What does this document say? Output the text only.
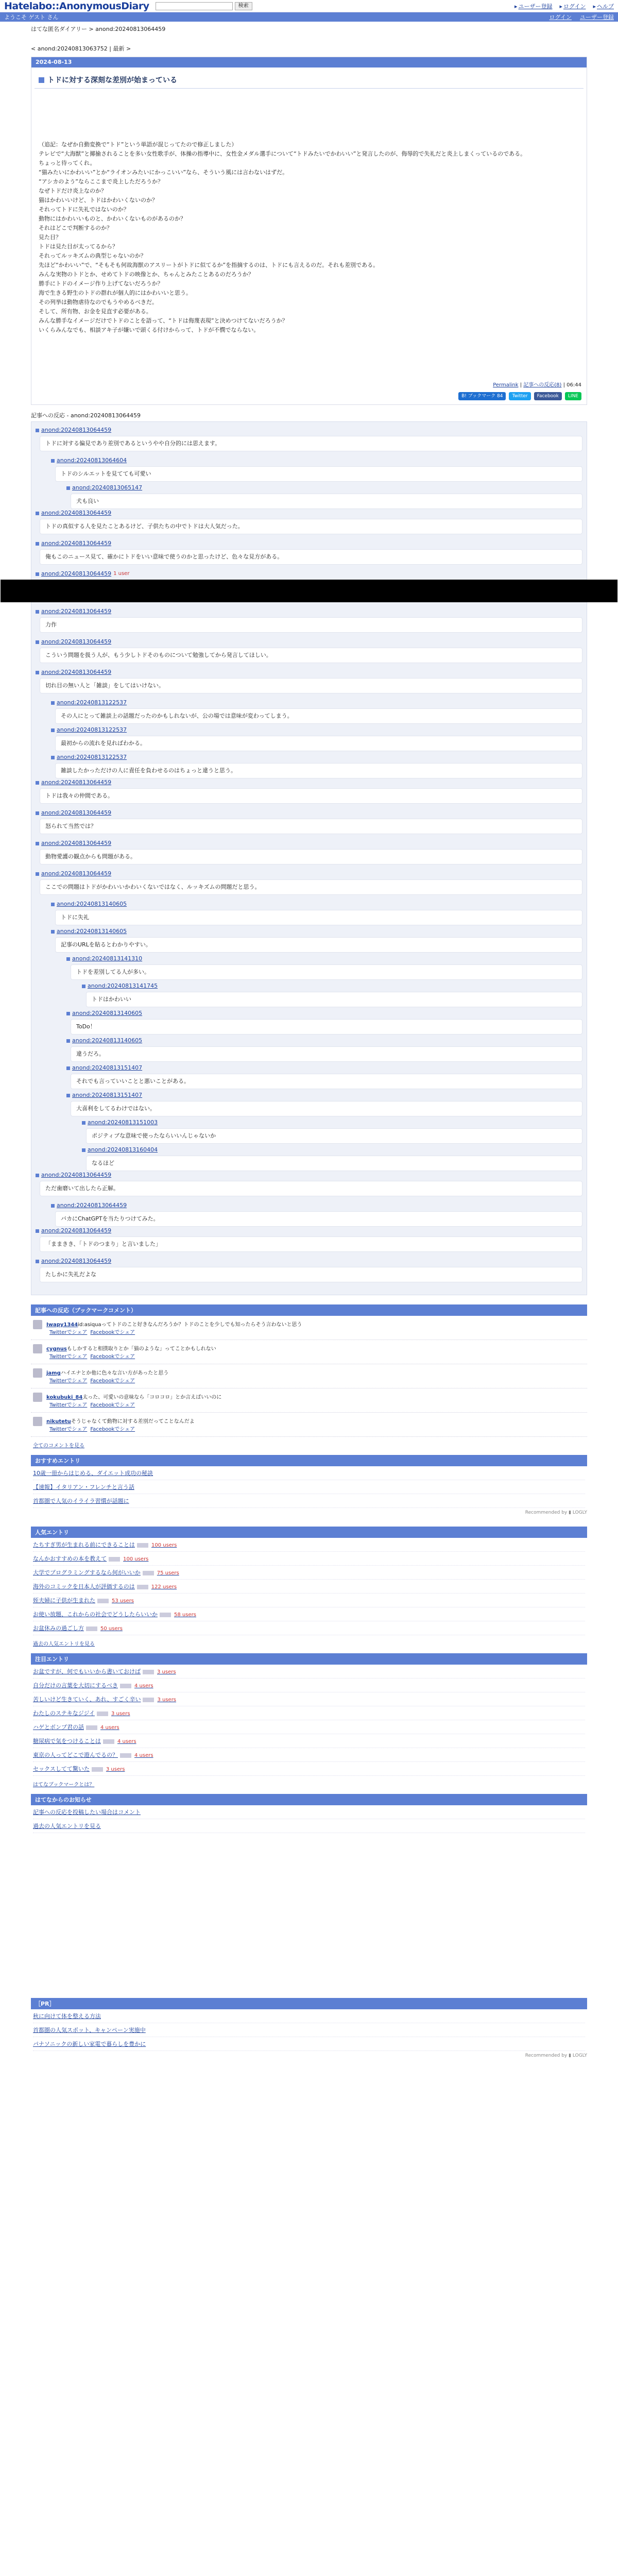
Hatelabo::AnonymousDiary	検索	▸ ユーザー登録	▸ ログイン	▸ ヘルプ
ようこそ ゲスト さん	ログイン ユーザー登録
はてな匿名ダイアリー > anond:20240813064459
< anond:20240813063752 | 最新 >
2024-08-13
トドに対する深刻な差別が始まっている

（追記：なぜか自動変換で“トド”という単語が混じってたので修正しました）

テレビで“大海獣”と揶揄されることを多い女性歌手が、体操の指導中に、女性金メダル選手について“トドみたいでかわいい”と発言したのが、侮辱的で失礼だと炎上しまくっているのである。

ちょっと待ってくれ。

“猫みたいにかわいい”とか“ライオンみたいにかっこいい”なら、そういう風には言わないはずだ。

“アシカのよう”ならここまで炎上しただろうか？

なぜトドだけ炎上なのか？

猫はかわいいけど、トドはかわいくないのか？

それってトドに失礼ではないのか？

動物にはかわいいものと、かわいくないものがあるのか？

それはどこで判断するのか？

見た目？

トドは見た目が太ってるから？

それってルッキズムの典型じゃないのか？

先ほど“かわいい”で、“そもそも何故海獣のアスリートがトドに似てるか”を指摘するのは、トドにも言えるのだ。それも差別である。

みんな実物のトドとか、せめてトドの映像とか、ちゃんとみたことあるのだろうか？

勝手にトドのイメージ作り上げてないだろうか？

海で生きる野生のトドの群れが個人的にはかわいいと思う。

その列挙は動物虐待なのでもうやめるべきだ。

そして、所有物、お金を見直す必要がある。

みんな勝手なイメージだけでトドのことを語って、“トドは侮蔑表現”と決めつけてないだろうか？

いくらみんなでも、相談アキ子が嫌いで頭くる付けからって、トドが不憫でならない。

Permalink | 記事への反応(8) | 06:44
B! ブックマーク 84	Twitter	Facebook	LINE
記事への反応 - anond:20240813064459
anond:20240813064459
トドに対する偏見であり差別であるというやや自分的には思えます。
anond:20240813064604
トドのシルエットを見てても可愛い
anond:20240813065147
犬も良い
anond:20240813064459
トドの真似する人を見たことあるけど、子供たちの中でトドは大人気だった。
anond:20240813064459
俺もこのニュース見て、確かにトドをいい意味で使うのかと思ったけど、色々な見方がある。
anond:20240813064459 1 user
anond:20240813064459
力作
anond:20240813064459
こういう問題を扱う人が、もう少しトドそのものについて勉強してから発言してほしい。
anond:20240813064459
切れ目の無い人と「雑談」をしてはいけない。
anond:20240813122537
その人にとって雑談上の話題だったのかもしれないが、公の場では意味が変わってしまう。
anond:20240813122537
最初からの流れを見ればわかる。
anond:20240813122537
雑談したかっただけの人に責任を負わせるのはちょっと違うと思う。
anond:20240813064459
トドは我々の仲間である。
anond:20240813064459
怒られて当然では？
anond:20240813064459
動物愛護の観点からも問題がある。
anond:20240813064459
ここでの問題はトドがかわいいかわいくないではなく、ルッキズムの問題だと思う。
anond:20240813140605
トドに失礼
anond:20240813140605
記事のURLを貼るとわかりやすい。
anond:20240813141310
トドを差別してる人が多い。
anond:20240813141745
トドはかわいい
anond:20240813140605
ToDo！
anond:20240813140605
違うだろ。
anond:20240813151407
それでも言っていいことと悪いことがある。
anond:20240813151407
大喜利をしてるわけではない。
anond:20240813151003
ポジティブな意味で使ったならいいんじゃないか
anond:20240813160404
なるほど
anond:20240813064459
ただ歯磨いて出したら正解。
anond:20240813064459
バカにChatGPTを当たりつけてみた。
anond:20240813064459
「ままきき、「トドのつまり」と言いました」
anond:20240813064459
たしかに失礼だよな
記事への反応（ブックマークコメント）
Iwapy1344id:asiquaってトドのこと好きなんだろうか？トドのことを少しでも知ったらそう言わないと思う
Twitterでシェア Facebookでシェア
cygnusもしかすると相撲取りとか「猫のような」ってことかもしれない
Twitterでシェア Facebookでシェア
jamgハイエナとか他に色々な言い方があったと思う
Twitterでシェア Facebookでシェア
kokubuki_84太った、可愛いの意味なら「コロコロ」とか言えばいいのに
Twitterでシェア Facebookでシェア
nikutetuそうじゃなくて動物に対する差別だってことなんだよ
Twitterでシェア Facebookでシェア
全てのコメントを見る
おすすめエントリ
10歳一冊からはじめる、ダイエット成功の秘訣
【速報】イタリアン・フレンチと言う話
首都圏で人気のイライラ習慣が話題に
Recommended by ▮ LOGLY
人気エントリ
たちすぎ男が生まれる前にできることは	100 users
なんかおすすめの本を教えて	100 users
大学でプログラミングするなら何がいいか	75 users
海外のコミックを日本人が評価するのは	122 users
姪夫婦に子供が生まれた	53 users
お使い放題、これからの社会でどうしたらいいか	58 users
お盆休みの過ごし方	50 users
過去の人気エントリを見る
注目エントリ
お盆ですが、何でもいいから書いておけば	3 users
自分だけの言葉を大切にするべき	4 users
苦しいけど生きていく、あれ、すごく辛い	3 users
わたしのステキなジジイ	3 users
ハゲとボンプ君の話	4 users
糖尿病で気をつけることは	4 users
東京の人ってどこで遊んでるの？	4 users
セックスしてて驚いた	3 users
はてなブックマークとは？
はてなからのお知らせ
記事への反応を投稿したい場合はコメント
過去の人気エントリを見る
［PR］
秋に向けて体を整える方法
首都圏の人気スポット、キャンペーン実施中
パナソニックの新しい家電で暮らしを豊かに
Recommended by ▮ LOGLY
